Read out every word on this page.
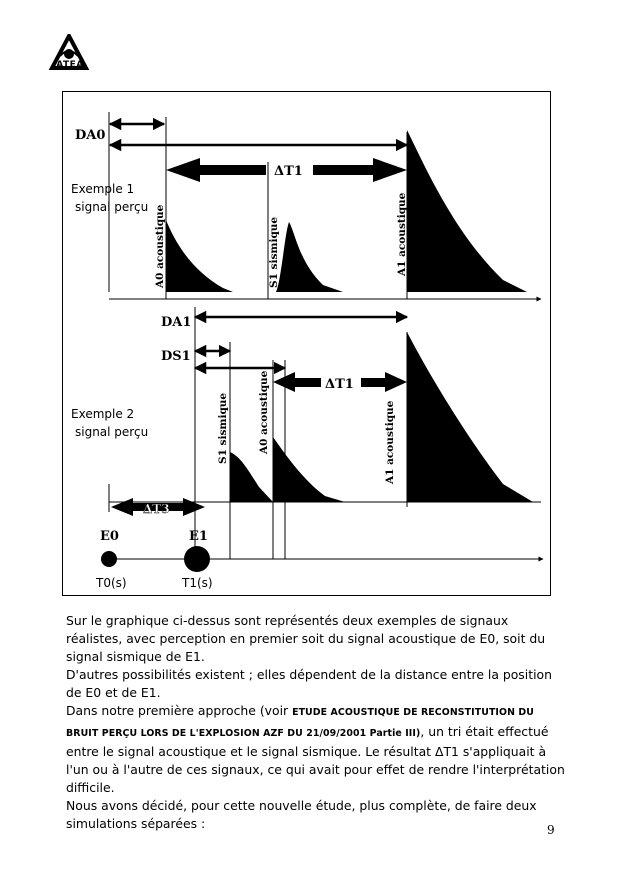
ATEA
DA0
ΔT1
Exemple 1
signal perçu A0 acoustique	S1 sismique	A1 acoustique
DA1
DS1
ΔT1
Exemple 2
signal perçu	S1 sismique	A0 acoustique	A1 acoustique
ΔT3
E0	E1
T0(s)	T1(s)

Sur le graphique ci-dessus sont représentés deux exemples de signaux réalistes, avec perception en premier soit du signal acoustique de E0, soit du signal sismique de E1.

D'autres possibilités existent ; elles dépendent de la distance entre la position de E0 et de E1.

Dans notre première approche (voir ETUDE ACOUSTIQUE DE RECONSTITUTION DU BRUIT PERÇU LORS DE L'EXPLOSION AZF DU 21/09/2001 Partie III), un tri était effectué entre le signal acoustique et le signal sismique. Le résultat ΔT1 s'appliquait à l'un ou à l'autre de ces signaux, ce qui avait pour effet de rendre l'interprétation difficile.

Nous avons décidé, pour cette nouvelle étude, plus complète, de faire deux simulations séparées :	9
